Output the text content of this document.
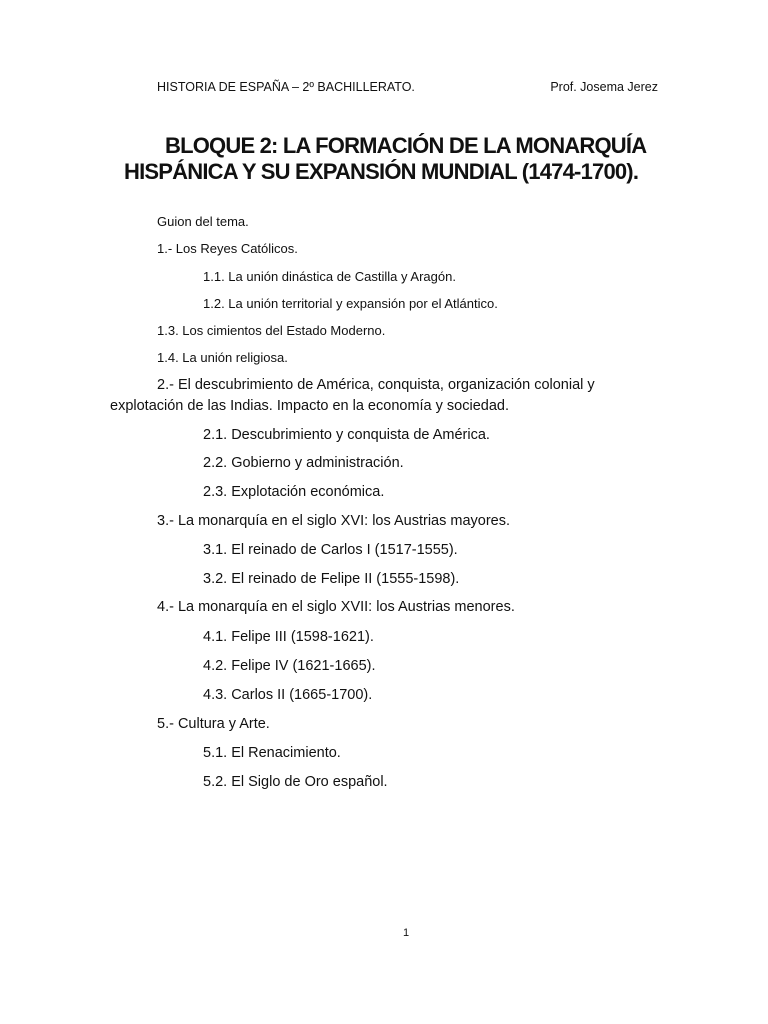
HISTORIA DE ESPAÑA – 2º BACHILLERATO.	Prof. Josema Jerez
BLOQUE 2: LA FORMACIÓN DE LA MONARQUÍA
HISPÁNICA Y SU EXPANSIÓN MUNDIAL (1474-1700).
Guion del tema.
1.- Los Reyes Católicos.
1.1. La unión dinástica de Castilla y Aragón.
1.2. La unión territorial y expansión por el Atlántico.
1.3. Los cimientos del Estado Moderno.
1.4. La unión religiosa.
2.- El descubrimiento de América, conquista, organización colonial y
explotación de las Indias. Impacto en la economía y sociedad.
2.1. Descubrimiento y conquista de América.
2.2. Gobierno y administración.
2.3. Explotación económica.
3.- La monarquía en el siglo XVI: los Austrias mayores.
3.1. El reinado de Carlos I (1517-1555).
3.2. El reinado de Felipe II (1555-1598).
4.- La monarquía en el siglo XVII: los Austrias menores.
4.1. Felipe III (1598-1621).
4.2. Felipe IV (1621-1665).
4.3. Carlos II (1665-1700).
5.- Cultura y Arte.
5.1. El Renacimiento.
5.2. El Siglo de Oro español.
1
